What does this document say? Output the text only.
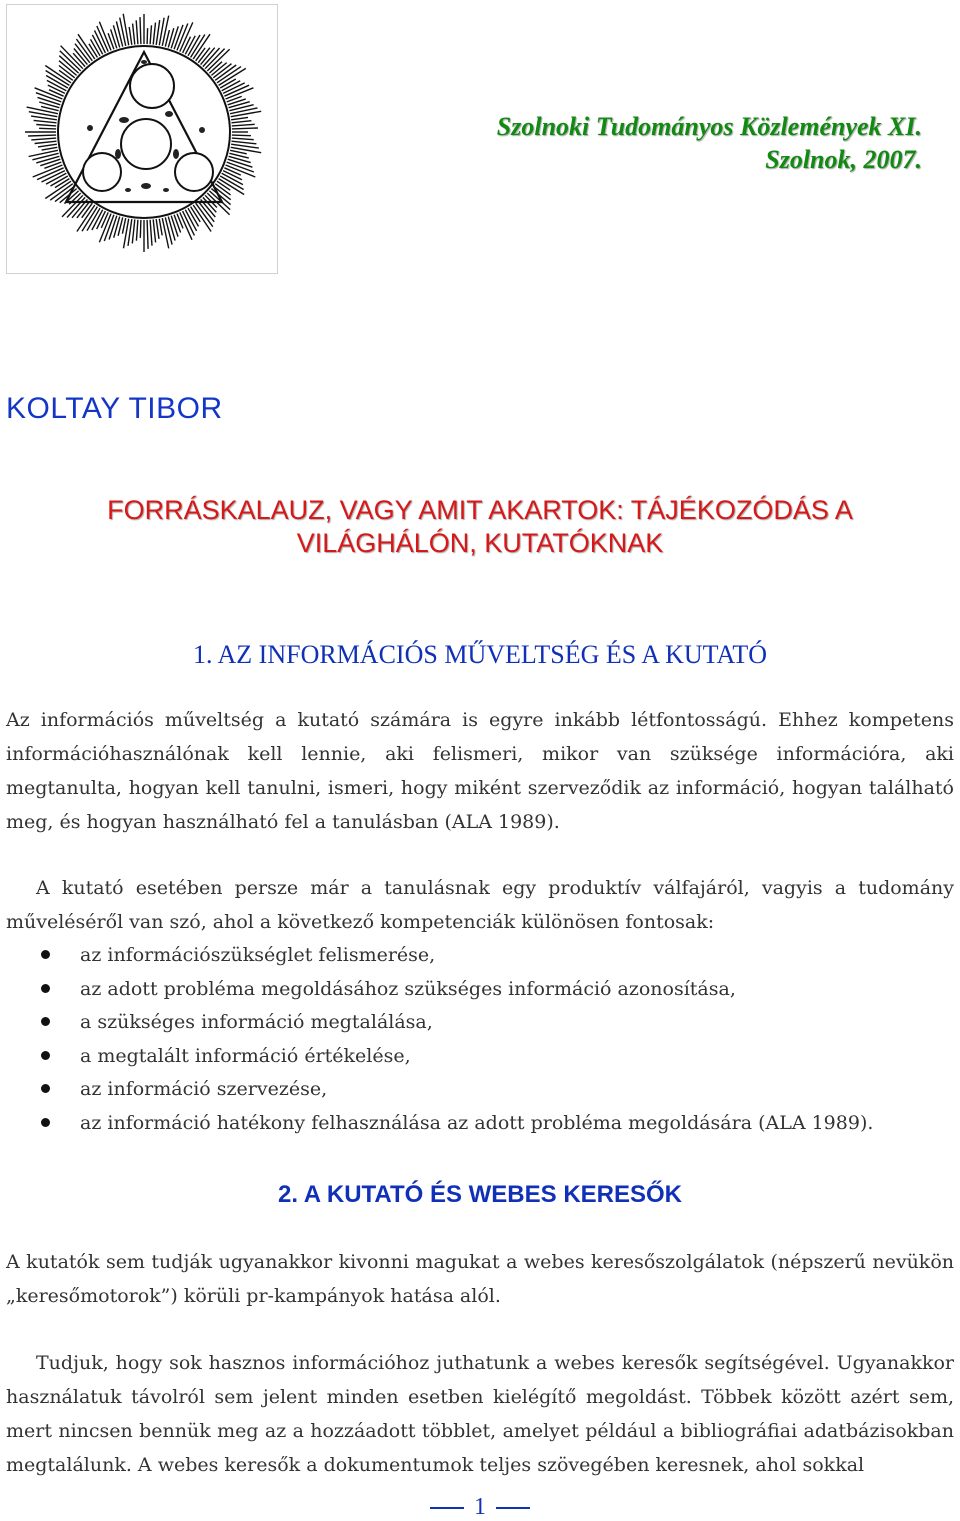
Szolnoki Tudományos Közlemények XI.
Szolnok, 2007.
KOLTAY TIBOR
FORRÁSKALAUZ, VAGY AMIT AKARTOK: TÁJÉKOZÓDÁS A
VILÁGHÁLÓN, KUTATÓKNAK
1. AZ INFORMÁCIÓS MŰVELTSÉG ÉS A KUTATÓ

Az információs műveltség a kutató számára is egyre inkább létfontosságú. Ehhez kompetens információhasználónak kell lennie, aki felismeri, mikor van szüksége információra, aki megtanulta, hogyan kell tanulni, ismeri, hogy miként szerveződik az információ, hogyan található meg, és hogyan használható fel a tanulásban (ALA 1989).

A kutató esetében persze már a tanulásnak egy produktív válfajáról, vagyis a tudomány műveléséről van szó, ahol a következő kompetenciák különösen fontosak:

az információszükséglet felismerése,
az adott probléma megoldásához szükséges információ azonosítása,
a szükséges információ megtalálása,
a megtalált információ értékelése,
az információ szervezése,
az információ hatékony felhasználása az adott probléma megoldására (ALA 1989).
2. A KUTATÓ ÉS WEBES KERESŐK

A kutatók sem tudják ugyanakkor kivonni magukat a webes keresőszolgálatok (népszerű nevükön „keresőmotorok”) körüli pr-kampányok hatása alól.

Tudjuk, hogy sok hasznos információhoz juthatunk a webes keresők segítségével. Ugyanakkor használatuk távolról sem jelent minden esetben kielégítő megoldást. Többek között azért sem, mert nincsen bennük meg az a hozzáadott többlet, amelyet például a bibliográfiai adatbázisokban megtalálunk. A webes keresők a dokumentumok teljes szövegében keresnek, ahol sokkal

1
